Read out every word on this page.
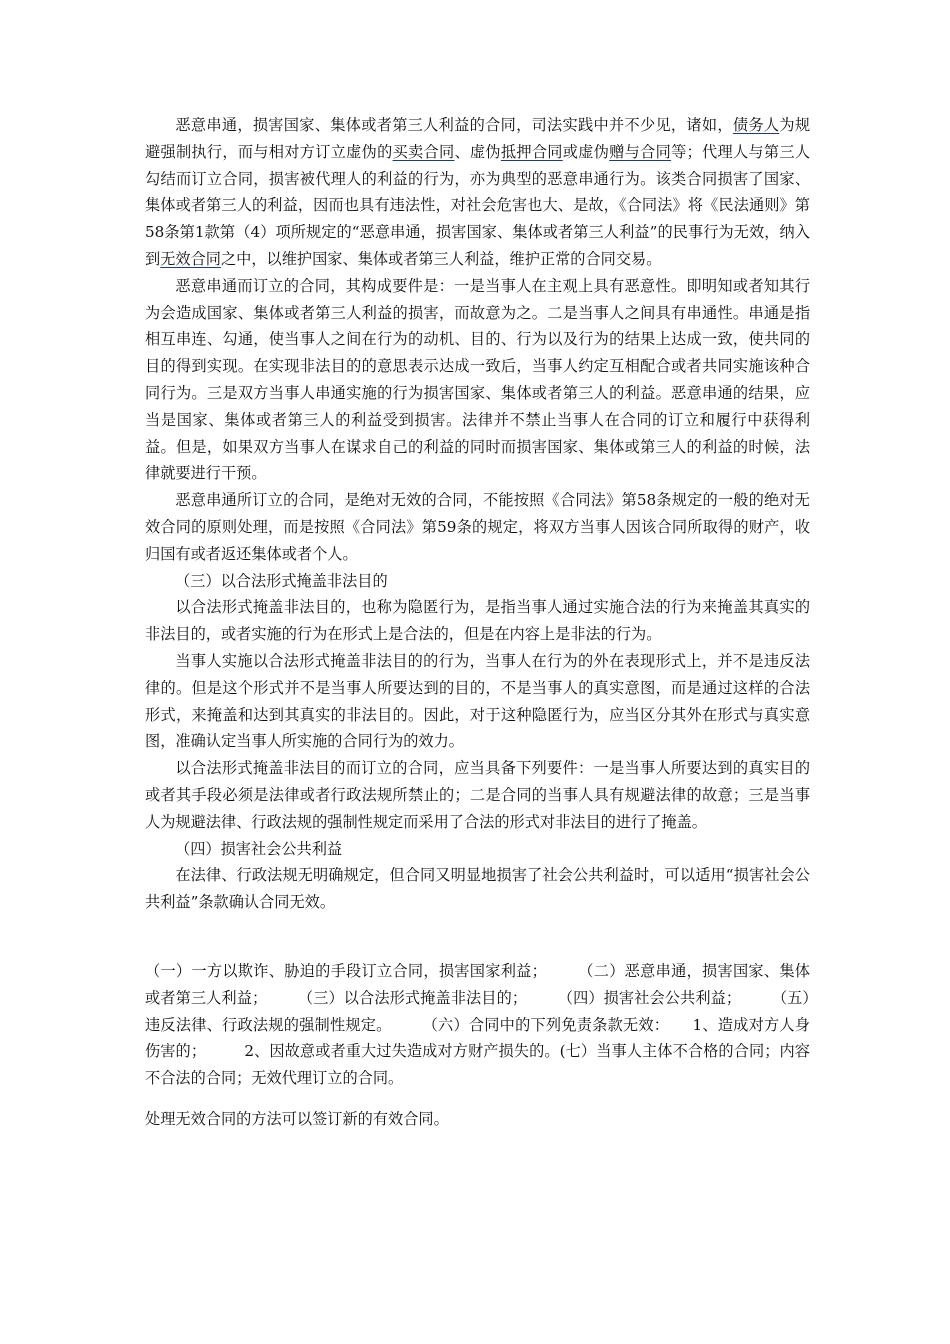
恶意串通，损害国家、集体或者第三人利益的合同，司法实践中并不少见，诸如，债务人为规避强制执行，而与相对方订立虚伪的买卖合同、虚伪抵押合同或虚伪赠与合同等；代理人与第三人勾结而订立合同，损害被代理人的利益的行为，亦为典型的恶意串通行为。该类合同损害了国家、集体或者第三人的利益，因而也具有违法性，对社会危害也大、是故，《合同法》将《民法通则》第58条第1款第（4）项所规定的“恶意串通，损害国家、集体或者第三人利益”的民事行为无效，纳入到无效合同之中，以维护国家、集体或者第三人利益，维护正常的合同交易。

恶意串通而订立的合同，其构成要件是：一是当事人在主观上具有恶意性。即明知或者知其行为会造成国家、集体或者第三人利益的损害，而故意为之。二是当事人之间具有串通性。串通是指相互串连、勾通，使当事人之间在行为的动机、目的、行为以及行为的结果上达成一致，使共同的目的得到实现。在实现非法目的的意思表示达成一致后，当事人约定互相配合或者共同实施该种合同行为。三是双方当事人串通实施的行为损害国家、集体或者第三人的利益。恶意串通的结果，应当是国家、集体或者第三人的利益受到损害。法律并不禁止当事人在合同的订立和履行中获得利益。但是，如果双方当事人在谋求自己的利益的同时而损害国家、集体或第三人的利益的时候，法律就要进行干预。

恶意串通所订立的合同，是绝对无效的合同，不能按照《合同法》第58条规定的一般的绝对无效合同的原则处理，而是按照《合同法》第59条的规定，将双方当事人因该合同所取得的财产，收归国有或者返还集体或者个人。

（三）以合法形式掩盖非法目的

以合法形式掩盖非法目的，也称为隐匿行为，是指当事人通过实施合法的行为来掩盖其真实的非法目的，或者实施的行为在形式上是合法的，但是在内容上是非法的行为。

当事人实施以合法形式掩盖非法目的的行为，当事人在行为的外在表现形式上，并不是违反法律的。但是这个形式并不是当事人所要达到的目的，不是当事人的真实意图，而是通过这样的合法形式，来掩盖和达到其真实的非法目的。因此，对于这种隐匿行为，应当区分其外在形式与真实意图，准确认定当事人所实施的合同行为的效力。

以合法形式掩盖非法目的而订立的合同，应当具备下列要件：一是当事人所要达到的真实目的或者其手段必须是法律或者行政法规所禁止的；二是合同的当事人具有规避法律的故意；三是当事人为规避法律、行政法规的强制性规定而采用了合法的形式对非法目的进行了掩盖。

（四）损害社会公共利益

在法律、行政法规无明确规定，但合同又明显地损害了社会公共利益时，可以适用“损害社会公共利益”条款确认合同无效。

（一）一方以欺诈、胁迫的手段订立合同，损害国家利益；　　　（二）恶意串通，损害国家、集体或者第三人利益；　　　（三）以合法形式掩盖非法目的；　　　（四）损害社会公共利益；　　　（五）违反法律、行政法规的强制性规定。　　　（六）合同中的下列免责条款无效：　　1、造成对方人身伤害的；　　　2、因故意或者重大过失造成对方财产损失的。(七）当事人主体不合格的合同；内容不合法的合同；无效代理订立的合同。

处理无效合同的方法可以签订新的有效合同。
